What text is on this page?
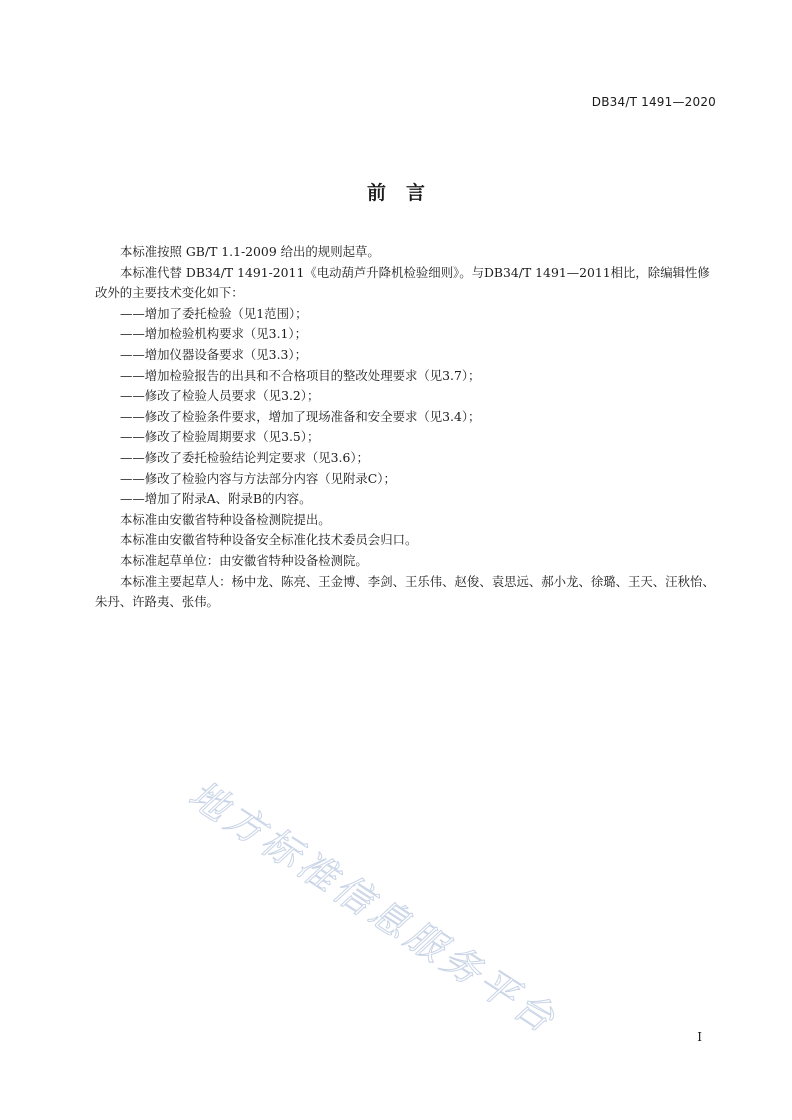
DB34/T 1491—2020
前 言

本标准按照 GB/T 1.1-2009 给出的规则起草。

本标准代替 DB34/T 1491-2011《电动葫芦升降机检验细则》。与DB34/T 1491—2011相比，除编辑性修改外的主要技术变化如下：

——增加了委托检验（见1范围）；

——增加检验机构要求（见3.1）；

——增加仪器设备要求（见3.3）；

——增加检验报告的出具和不合格项目的整改处理要求（见3.7）；

——修改了检验人员要求（见3.2）；

——修改了检验条件要求，增加了现场准备和安全要求（见3.4）；

——修改了检验周期要求（见3.5）；

——修改了委托检验结论判定要求（见3.6）；

——修改了检验内容与方法部分内容（见附录C）；

——增加了附录A、附录B的内容。

本标准由安徽省特种设备检测院提出。

本标准由安徽省特种设备安全标准化技术委员会归口。

本标准起草单位：由安徽省特种设备检测院。

本标准主要起草人：杨中龙、陈亮、王金博、李剑、王乐伟、赵俊、袁思远、郝小龙、徐璐、王天、汪秋怡、朱丹、许路夷、张伟。

地方标准信息服务平台	I
